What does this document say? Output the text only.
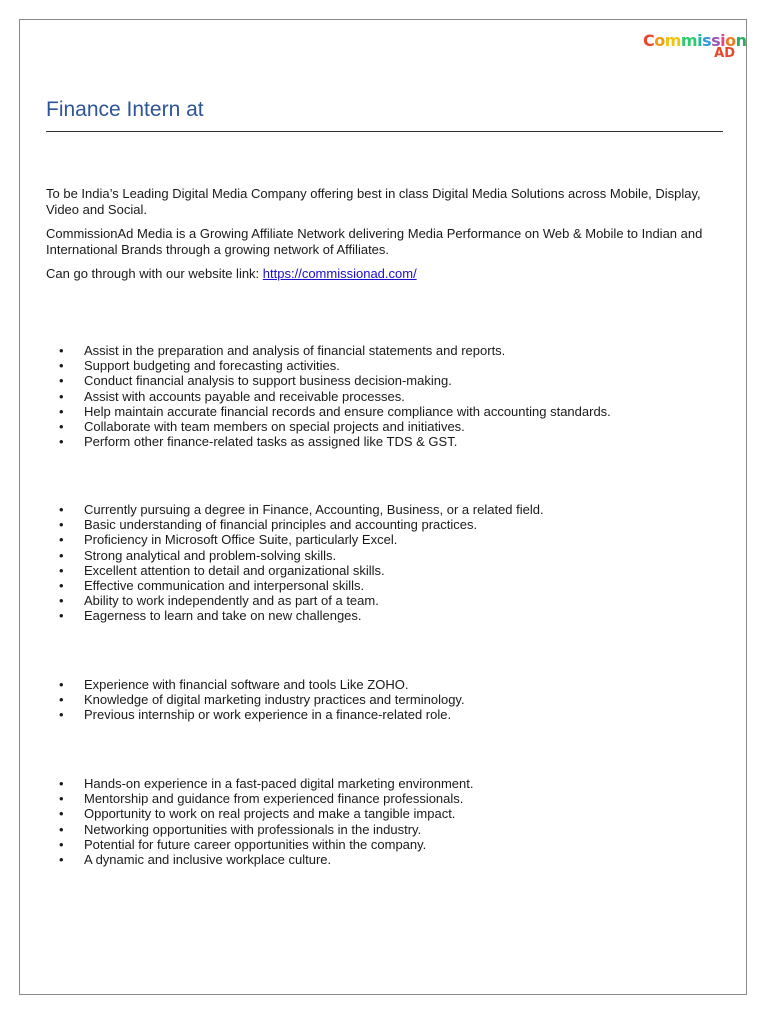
Commission
AD
Finance Intern at

To be India’s Leading Digital Media Company offering best in class Digital Media Solutions across Mobile, Display, Video and Social.

CommissionAd Media is a Growing Affiliate Network delivering Media Performance on Web & Mobile to Indian and International Brands through a growing network of Affiliates.

Can go through with our website link: https://commissionad.com/

• Assist in the preparation and analysis of financial statements and reports.
• Support budgeting and forecasting activities.
• Conduct financial analysis to support business decision-making.
• Assist with accounts payable and receivable processes.
• Help maintain accurate financial records and ensure compliance with accounting standards.
• Collaborate with team members on special projects and initiatives.
• Perform other finance-related tasks as assigned like TDS & GST.
• Currently pursuing a degree in Finance, Accounting, Business, or a related field.
• Basic understanding of financial principles and accounting practices.
• Proficiency in Microsoft Office Suite, particularly Excel.
• Strong analytical and problem-solving skills.
• Excellent attention to detail and organizational skills.
• Effective communication and interpersonal skills.
• Ability to work independently and as part of a team.
• Eagerness to learn and take on new challenges.
• Experience with financial software and tools Like ZOHO.
• Knowledge of digital marketing industry practices and terminology.
• Previous internship or work experience in a finance-related role.
• Hands-on experience in a fast-paced digital marketing environment.
• Mentorship and guidance from experienced finance professionals.
• Opportunity to work on real projects and make a tangible impact.
• Networking opportunities with professionals in the industry.
• Potential for future career opportunities within the company.
• A dynamic and inclusive workplace culture.
